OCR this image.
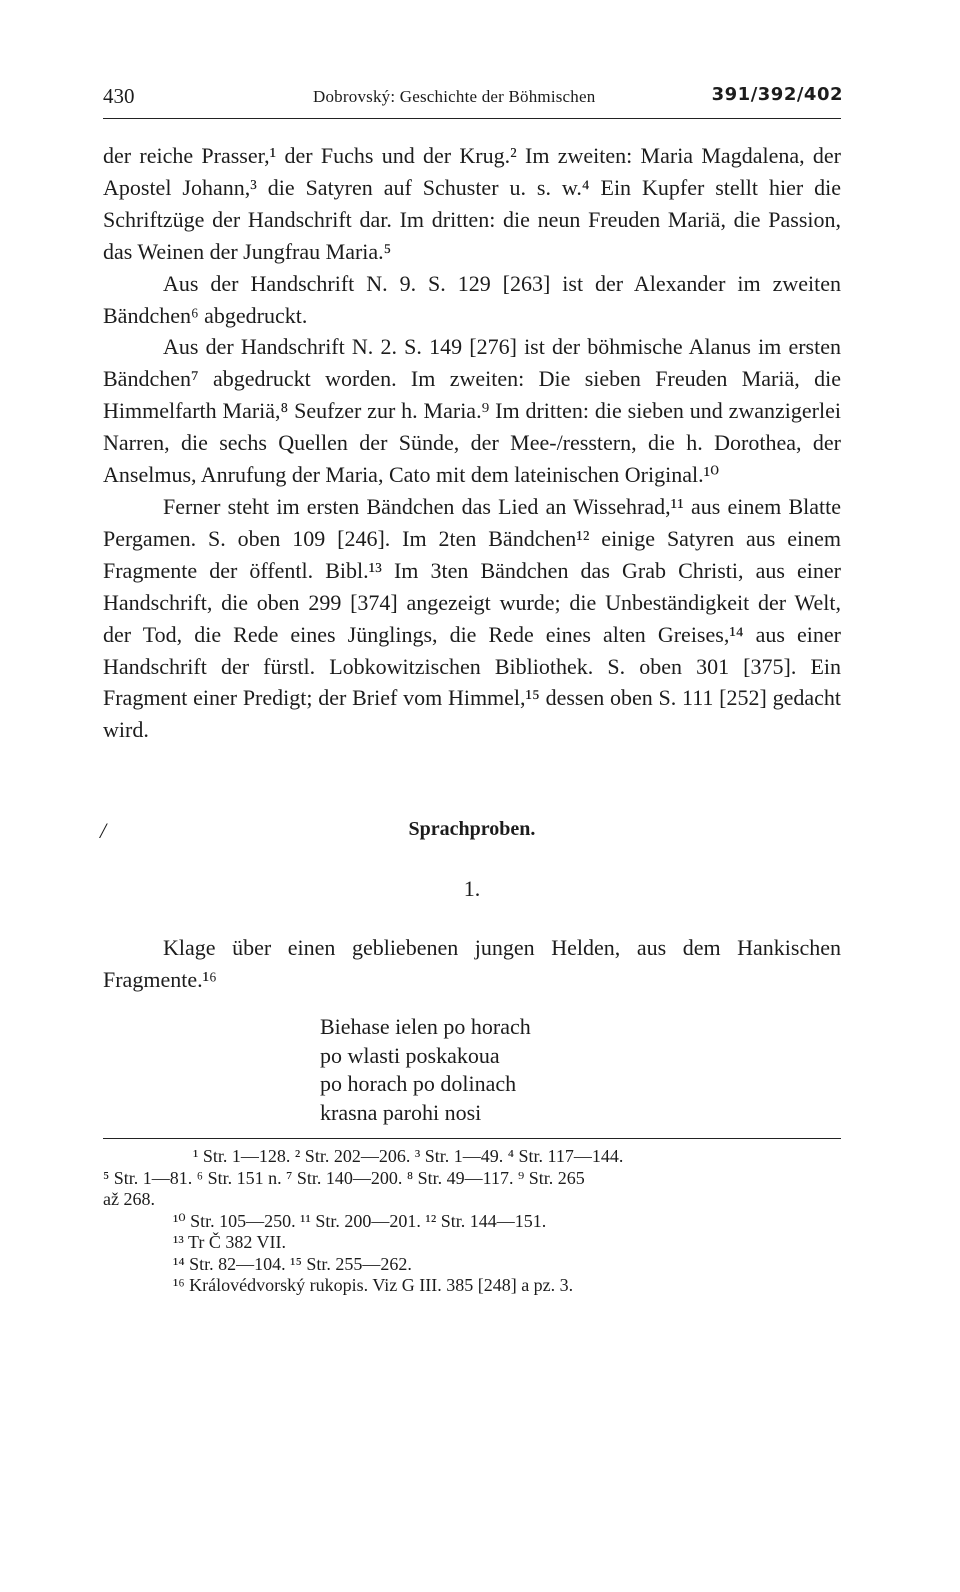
430	Dobrovský: Geschichte der Böhmischen	391/392/402

der reiche Prasser,¹ der Fuchs und der Krug.² Im zweiten: Maria Magdalena, der Apostel Johann,³ die Satyren auf Schuster u. s. w.⁴ Ein Kupfer stellt hier die Schriftzüge der Handschrift dar. Im dritten: die neun Freuden Mariä, die Passion, das Weinen der Jungfrau Maria.⁵

Aus der Handschrift N. 9. S. 129 [263] ist der Alexander im zweiten Bändchen⁶ abgedruckt.

Aus der Handschrift N. 2. S. 149 [276] ist der böhmische Alanus im ersten Bändchen⁷ abgedruckt worden. Im zweiten: Die sieben Freuden Mariä, die Himmelfarth Mariä,⁸ Seufzer zur h. Maria.⁹ Im dritten: die sieben und zwanzigerlei Narren, die sechs Quellen der Sünde, der Mee-/resstern, die h. Dorothea, der Anselmus, Anrufung der Maria, Cato mit dem lateinischen Original.¹⁰

Ferner steht im ersten Bändchen das Lied an Wissehrad,¹¹ aus einem Blatte Pergamen. S. oben 109 [246]. Im 2ten Bändchen¹² einige Satyren aus einem Fragmente der öffentl. Bibl.¹³ Im 3ten Bändchen das Grab Christi, aus einer Handschrift, die oben 299 [374] angezeigt wurde; die Unbeständigkeit der Welt, der Tod, die Rede eines Jünglings, die Rede eines alten Greises,¹⁴ aus einer Handschrift der fürstl. Lobkowitzischen Bibliothek. S. oben 301 [375]. Ein Fragment einer Predigt; der Brief vom Himmel,¹⁵ dessen oben S. 111 [252] gedacht wird.

/	Sprachproben.
1.

Klage über einen gebliebenen jungen Helden, aus dem Hankischen Fragmente.¹⁶

Biehase ielen po horach
po wlasti poskakoua
po horach po dolinach
krasna parohi nosi
¹ Str. 1—128. ² Str. 202—206. ³ Str. 1—49. ⁴ Str. 117—144.
⁵ Str. 1—81. ⁶ Str. 151 n. ⁷ Str. 140—200. ⁸ Str. 49—117. ⁹ Str. 265
až 268.
¹⁰ Str. 105—250. ¹¹ Str. 200—201. ¹² Str. 144—151.
¹³ Tr Č 382 VII.
¹⁴ Str. 82—104. ¹⁵ Str. 255—262.
¹⁶ Královédvorský rukopis. Viz G III. 385 [248] a pz. 3.
